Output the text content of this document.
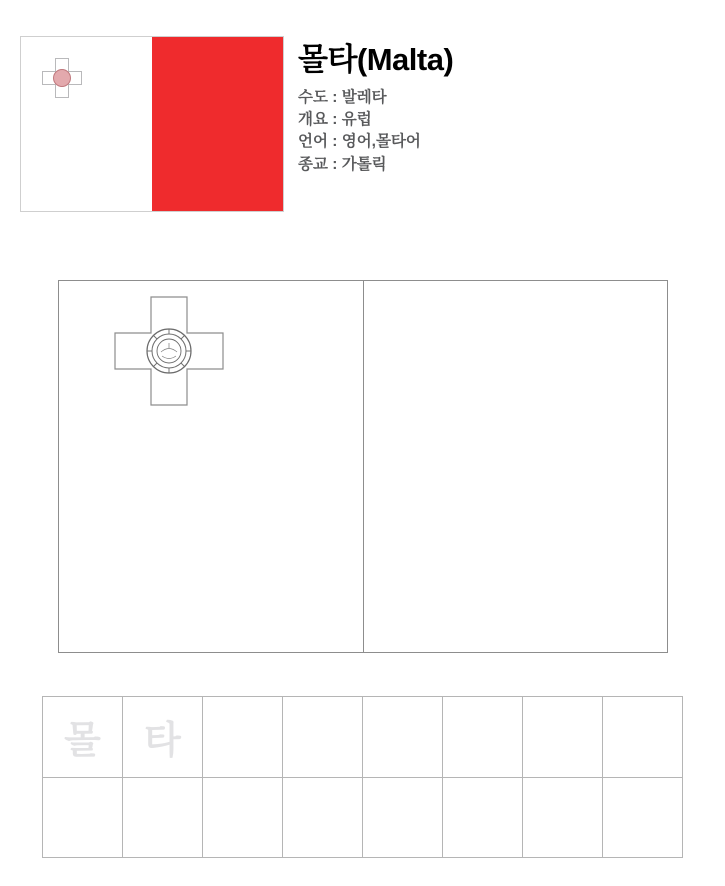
몰타(Malta)
수도 : 발레타
개요 : 유럽
언어 : 영어,몰타어
종교 : 가톨릭
몰	타
